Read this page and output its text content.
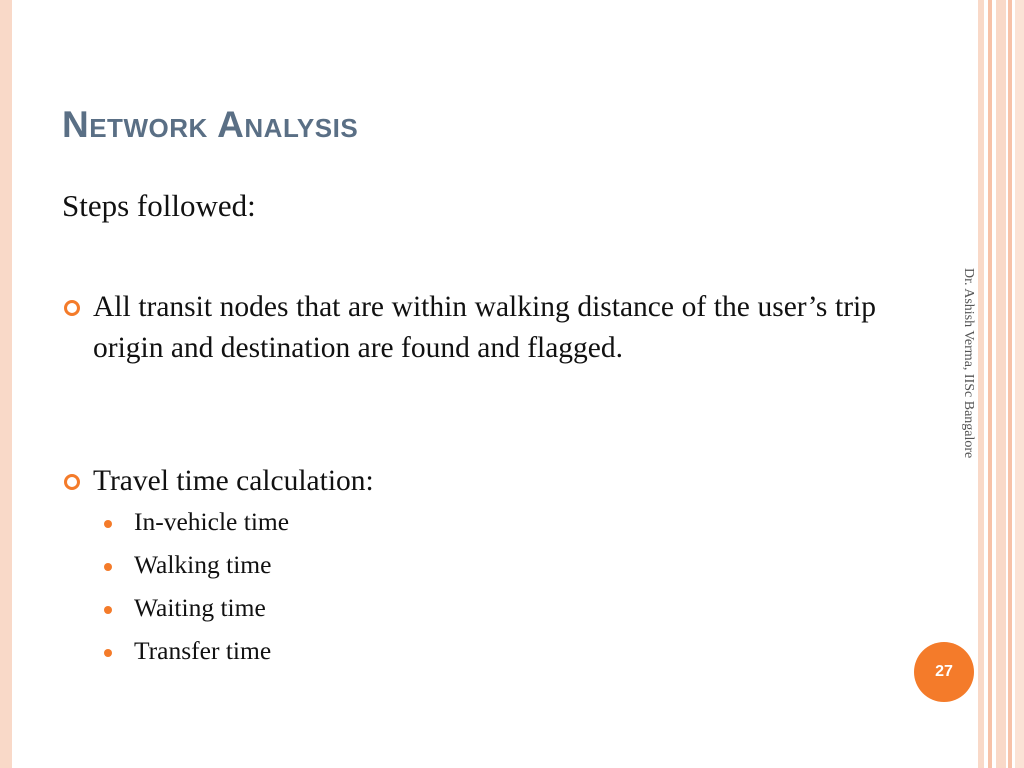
Network Analysis
Steps followed:
All transit nodes that are within walking distance of the user’s trip origin and destination are found and flagged.
Travel time calculation:
In-vehicle time
Walking time
Waiting time
Transfer time
Dr. Ashish Verma, IISc Bangalore
27
